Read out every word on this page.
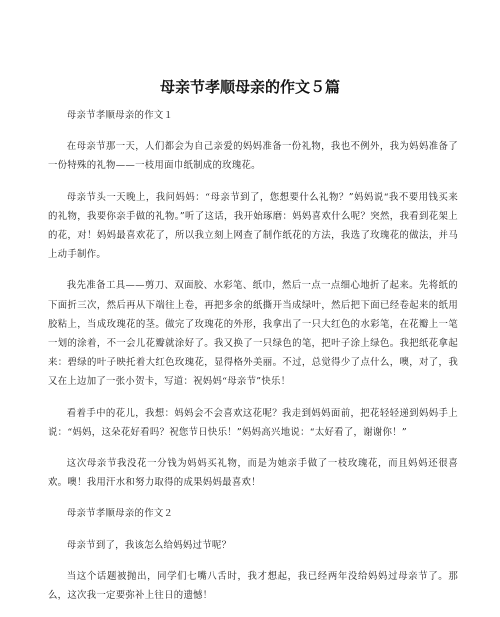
母亲节孝顺母亲的作文５篇

母亲节孝顺母亲的作文１

在母亲节那一天，人们都会为自己亲爱的妈妈准备一份礼物，我也不例外，我为妈妈准备了一份特殊的礼物——一枝用面巾纸制成的玫瑰花。

母亲节头一天晚上，我问妈妈：“母亲节到了，您想要什么礼物？”妈妈说“我不要用钱买来的礼物，我要你亲手做的礼物。”听了这话，我开始琢磨：妈妈喜欢什么呢？突然，我看到花架上的花，对！妈妈最喜欢花了，所以我立刻上网查了制作纸花的方法，我选了玫瑰花的做法，并马上动手制作。

我先准备工具——剪刀、双面胶、水彩笔、纸巾，然后一点一点细心地折了起来。先将纸的下面折三次，然后再从下端往上卷，再把多余的纸撕开当成绿叶，然后把下面已经卷起来的纸用胶粘上，当成玫瑰花的茎。做完了玫瑰花的外形，我拿出了一只大红色的水彩笔，在花瓣上一笔一划的涂着，不一会儿花瓣就涂好了。我又换了一只绿色的笔，把叶子涂上绿色。我把纸花拿起来：碧绿的叶子映托着大红色玫瑰花，显得格外美丽。不过，总觉得少了点什么，噢，对了，我又在上边加了一张小贺卡，写道：祝妈妈“母亲节”快乐！

看着手中的花儿，我想：妈妈会不会喜欢这花呢？我走到妈妈面前，把花轻轻递到妈妈手上说：“妈妈，这朵花好看吗？祝您节日快乐！”妈妈高兴地说：“太好看了，谢谢你！”

这次母亲节我没花一分钱为妈妈买礼物，而是为她亲手做了一枝玫瑰花，而且妈妈还很喜欢。噢！我用汗水和努力取得的成果妈妈最喜欢！

母亲节孝顺母亲的作文２

母亲节到了，我该怎么给妈妈过节呢？

当这个话题被抛出，同学们七嘴八舌时，我才想起，我已经两年没给妈妈过母亲节了。那么，这次我一定要弥补上往日的遗憾！
